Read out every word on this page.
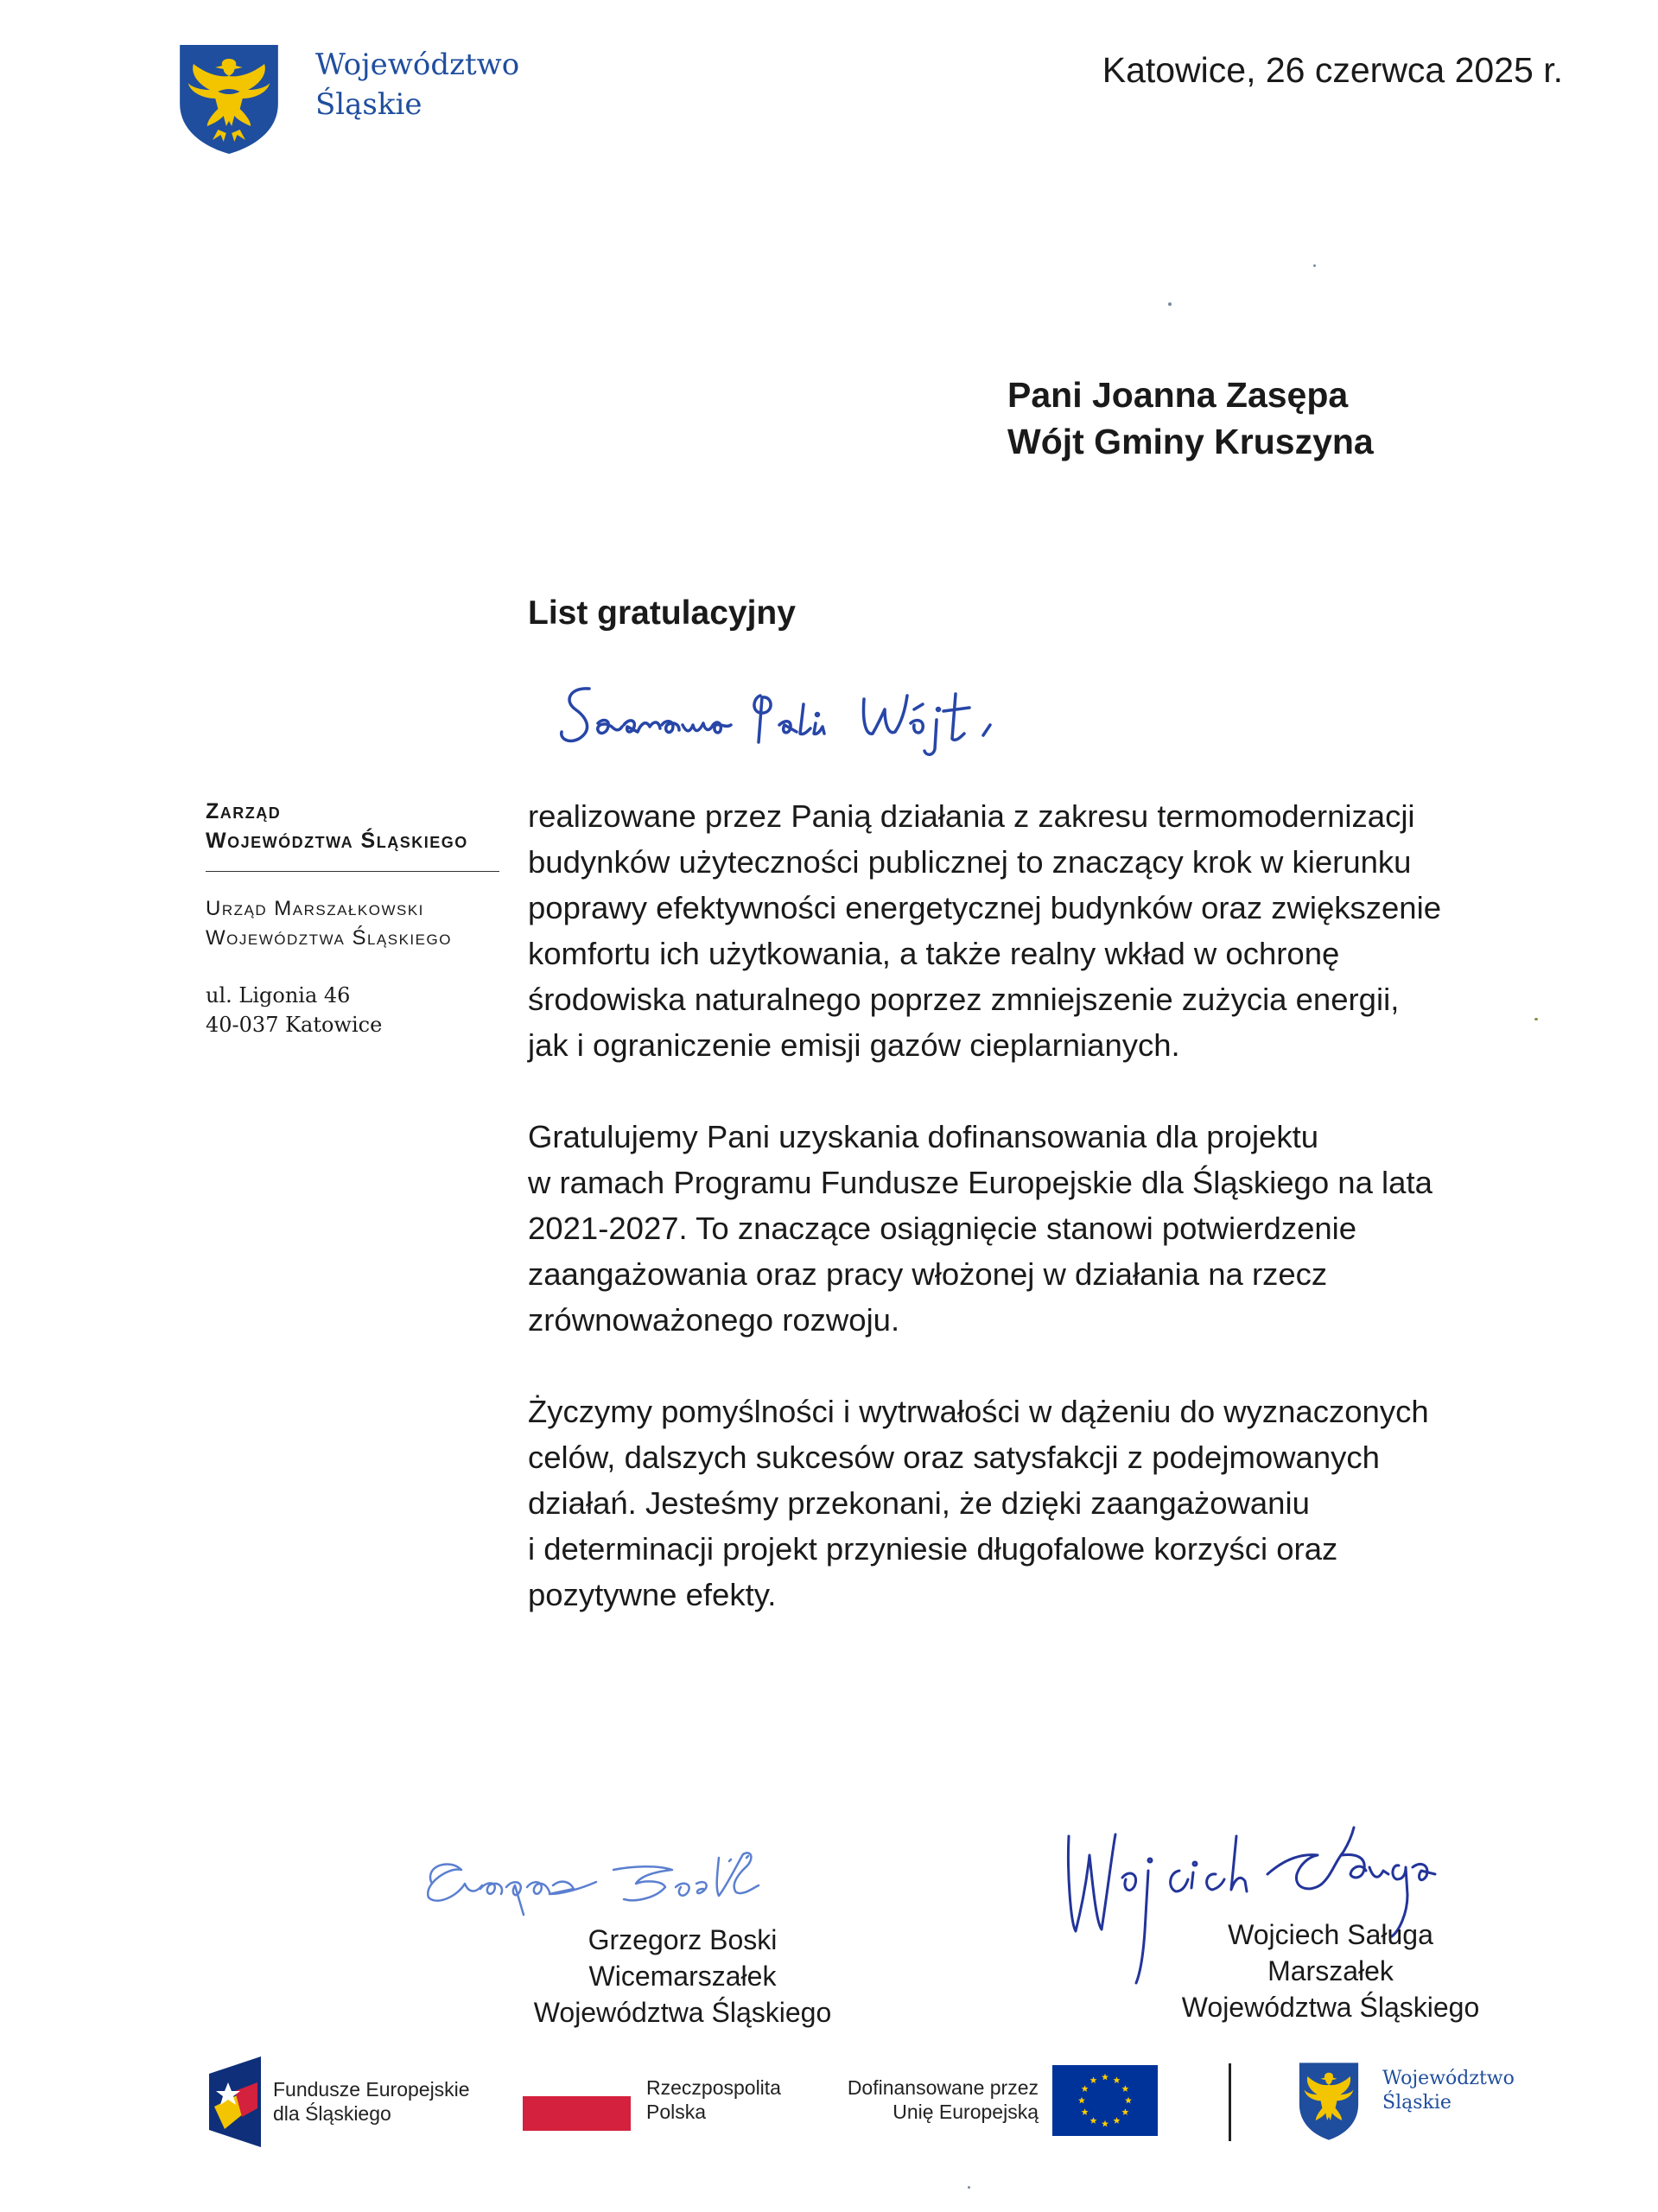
Województwo
Śląskie
Katowice, 26 czerwca 2025 r.
Pani Joanna Zasępa
Wójt Gminy Kruszyna
List gratulacyjny
Zarząd
Województwa Śląskiego
Urząd Marszałkowski
Województwa Śląskiego
ul. Ligonia 46
40-037 Katowice

realizowane przez Panią działania z zakresu termomodernizacji
budynków użyteczności publicznej to znaczący krok w kierunku
poprawy efektywności energetycznej budynków oraz zwiększenie
komfortu ich użytkowania, a także realny wkład w ochronę
środowiska naturalnego poprzez zmniejszenie zużycia energii,
jak i ograniczenie emisji gazów cieplarnianych.

Gratulujemy Pani uzyskania dofinansowania dla projektu
w ramach Programu Fundusze Europejskie dla Śląskiego na lata
2021-2027. To znaczące osiągnięcie stanowi potwierdzenie
zaangażowania oraz pracy włożonej w działania na rzecz
zrównoważonego rozwoju.

Życzymy pomyślności i wytrwałości w dążeniu do wyznaczonych
celów, dalszych sukcesów oraz satysfakcji z podejmowanych
działań. Jesteśmy przekonani, że dzięki zaangażowaniu
i determinacji projekt przyniesie długofalowe korzyści oraz
pozytywne efekty.

Grzegorz Boski
Wicemarszałek
Województwa Śląskiego
Wojciech Saługa
Marszałek
Województwa Śląskiego
Fundusze Europejskie
dla Śląskiego
Rzeczpospolita
Polska
Dofinansowane przez
Unię Europejską
Województwo
Śląskie
